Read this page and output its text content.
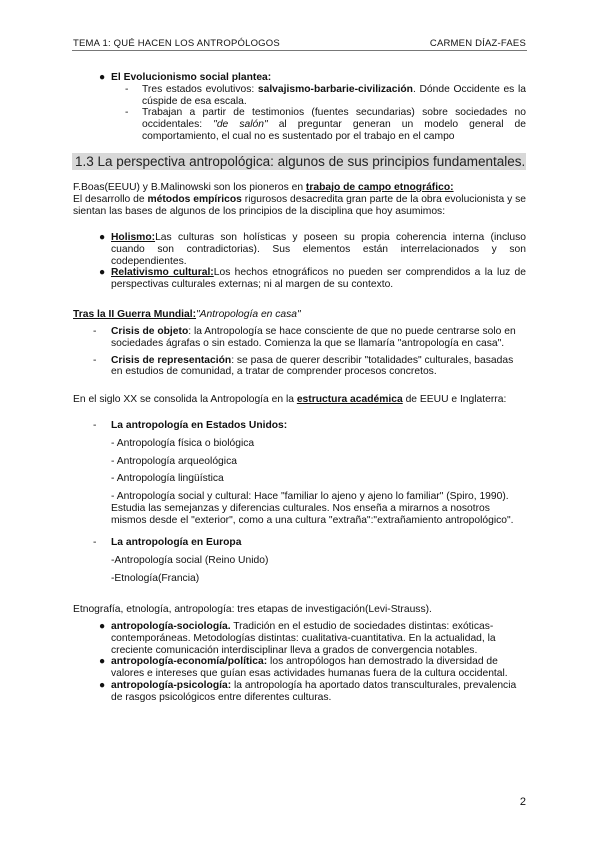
TEMA 1: QUÉ HACEN LOS ANTROPÓLOGOS	CARMEN DÍAZ-FAES
● El Evolucionismo social plantea:
- Tres estados evolutivos: salvajismo-barbarie-civilización. Dónde Occidente es la cúspide de esa escala.
- Trabajan a partir de testimonios (fuentes secundarias) sobre sociedades no occidentales: "de salón" al preguntar generan un modelo general de comportamiento, el cual no es sustentado por el trabajo en el campo
1.3 La perspectiva antropológica: algunos de sus principios fundamentales.

F.Boas(EEUU) y B.Malinowski son los pioneros en trabajo de campo etnográfico:

El desarrollo de métodos empíricos rigurosos desacredita gran parte de la obra evolucionista y se sientan las bases de algunos de los principios de la disciplina que hoy asumimos:

● Holismo:Las culturas son holísticas y poseen su propia coherencia interna (incluso cuando son contradictorias). Sus elementos están interrelacionados y son codependientes.
● Relativismo cultural:Los hechos etnográficos no pueden ser comprendidos a la luz de perspectivas culturales externas; ni al margen de su contexto.
Tras la II Guerra Mundial:"Antropología en casa"
- Crisis de objeto: la Antropología se hace consciente de que no puede centrarse solo en sociedades ágrafas o sin estado. Comienza la que se llamaría "antropología en casa".
- Crisis de representación: se pasa de querer describir "totalidades" culturales, basadas en estudios de comunidad, a tratar de comprender procesos concretos.
En el siglo XX se consolida la Antropología en la estructura académica de EEUU e Inglaterra:
- La antropología en Estados Unidos:
- Antropología física o biológica
- Antropología arqueológica
- Antropología lingüística
- Antropología social y cultural: Hace "familiar lo ajeno y ajeno lo familiar" (Spiro, 1990). Estudia las semejanzas y diferencias culturales. Nos enseña a mirarnos a nosotros mismos desde el "exterior", como a una cultura "extraña":"extrañamiento antropológico".
- La antropología en Europa
-Antropología social (Reino Unido)
-Etnología(Francia)
Etnografía, etnología, antropología: tres etapas de investigación(Levi-Strauss).
● antropología-sociología. Tradición en el estudio de sociedades distintas: exóticas-contemporáneas. Metodologías distintas: cualitativa-cuantitativa. En la actualidad, la creciente comunicación interdisciplinar lleva a grados de convergencia notables.
● antropología-economía/política: los antropólogos han demostrado la diversidad de valores e intereses que guían esas actividades humanas fuera de la cultura occidental.
● antropología-psicología: la antropología ha aportado datos transculturales, prevalencia de rasgos psicológicos entre diferentes culturas.
2
